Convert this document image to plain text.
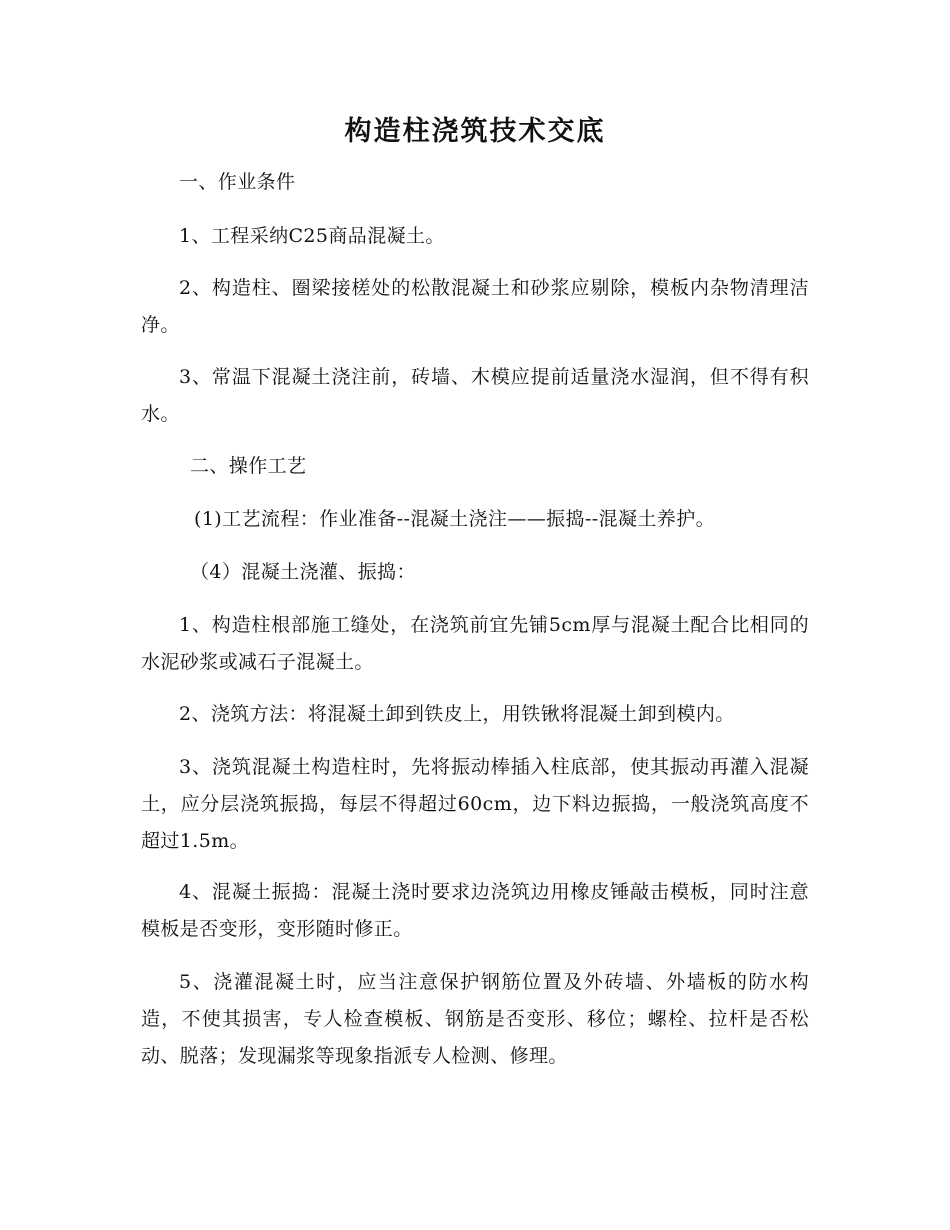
构造柱浇筑技术交底

一、作业条件

1、工程采纳C25商品混凝土。

2、构造柱、圈梁接槎处的松散混凝土和砂浆应剔除，模板内杂物清理洁净。

3、常温下混凝土浇注前，砖墙、木模应提前适量浇水湿润，但不得有积水。

二、操作工艺

(1)工艺流程：作业准备--混凝土浇注——振捣--混凝土养护。

（4）混凝土浇灌、振捣：

1、构造柱根部施工缝处，在浇筑前宜先铺5cm厚与混凝土配合比相同的水泥砂浆或减石子混凝土。

2、浇筑方法：将混凝土卸到铁皮上，用铁锹将混凝土卸到模内。

3、浇筑混凝土构造柱时，先将振动棒插入柱底部，使其振动再灌入混凝土，应分层浇筑振捣，每层不得超过60cm，边下料边振捣，一般浇筑高度不超过1.5m。

4、混凝土振捣：混凝土浇时要求边浇筑边用橡皮锤敲击模板，同时注意模板是否变形，变形随时修正。

5、浇灌混凝土时，应当注意保护钢筋位置及外砖墙、外墙板的防水构造，不使其损害，专人检查模板、钢筋是否变形、移位；螺栓、拉杆是否松动、脱落；发现漏浆等现象指派专人检测、修理。
